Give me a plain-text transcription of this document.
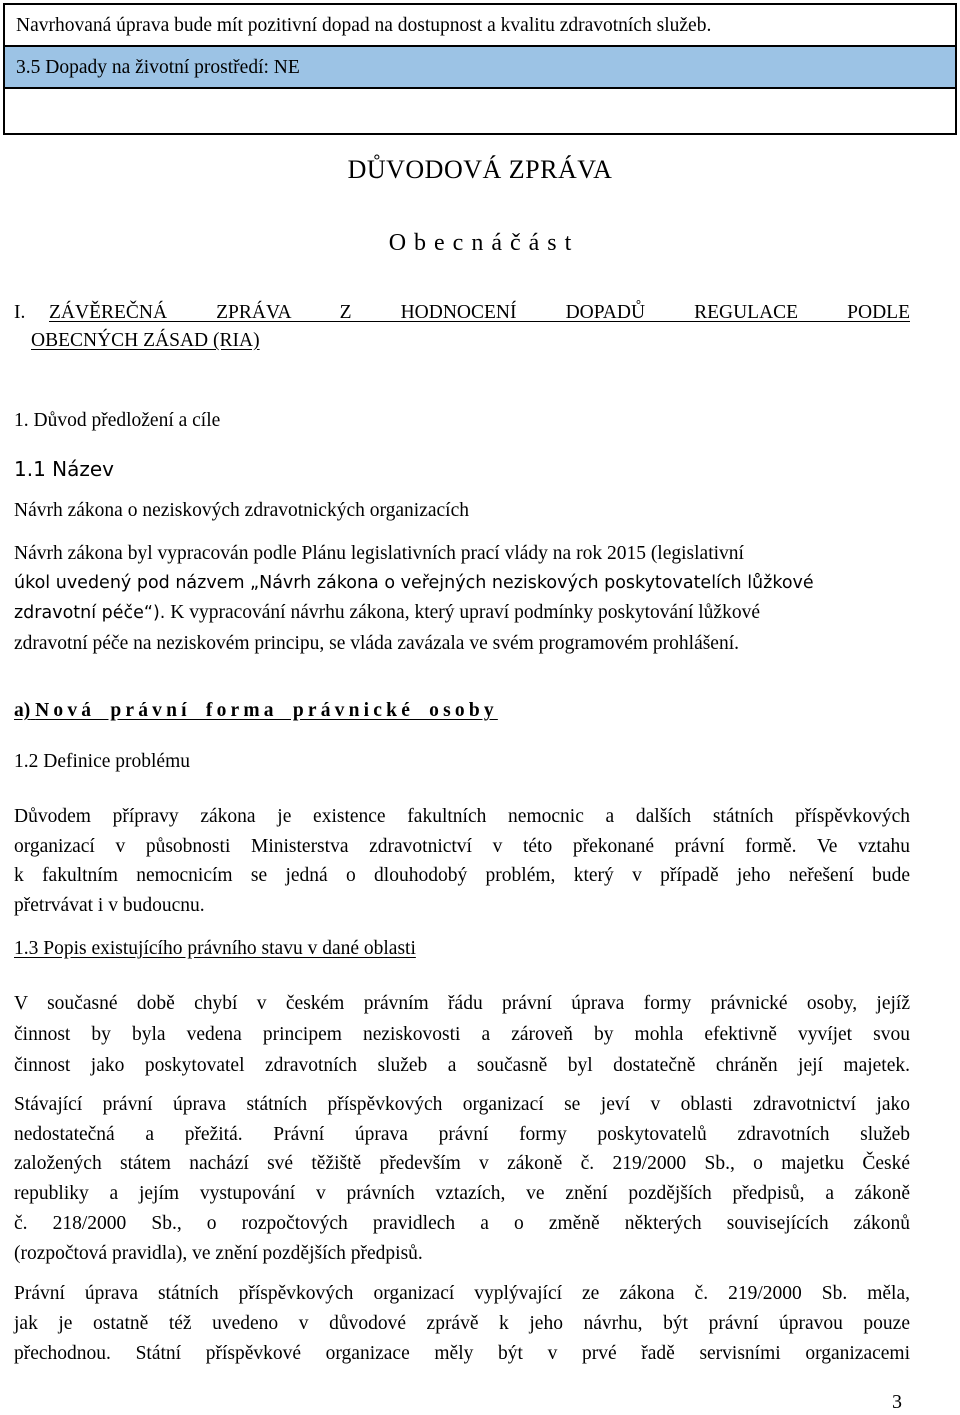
Navrhovaná úprava bude mít pozitivní dopad na dostupnost a kvalitu zdravotních služeb.
3.5 Dopady na životní prostředí: NE
DŮVODOVÁ ZPRÁVA
O b e c n á č á s t
I.	ZÁVĚREČNÁ ZPRÁVA Z HODNOCENÍ DOPADŮ REGULACE PODLE
OBECNÝCH ZÁSAD (RIA)
1. Důvod předložení a cíle
1.1 Název
Návrh zákona o neziskových zdravotnických organizacích

Návrh zákona byl vypracován podle Plánu legislativních prací vlády na rok 2015 (legislativní
úkol uvedený pod názvem „Návrh zákona o veřejných neziskových poskytovatelích lůžkové
zdravotní péče“). K vypracování návrhu zákona, který upraví podmínky poskytování lůžkové
zdravotní péče na neziskovém principu, se vláda zavázala ve svém programovém prohlášení.

a) Nová právní forma právnické osoby
1.2 Definice problému

Důvodem přípravy zákona je existence fakultních nemocnic a dalších státních příspěvkových
organizací v působnosti Ministerstva zdravotnictví v této překonané právní formě. Ve vztahu
k fakultním nemocnicím se jedná o dlouhodobý problém, který v případě jeho neřešení bude
přetrvávat i v budoucnu.

1.3 Popis existujícího právního stavu v dané oblasti

V současné době chybí v českém právním řádu právní úprava formy právnické osoby, jejíž
činnost by byla vedena principem neziskovosti a zároveň by mohla efektivně vyvíjet svou
činnost jako poskytovatel zdravotních služeb a současně byl dostatečně chráněn její majetek.

Stávající právní úprava státních příspěvkových organizací se jeví v oblasti zdravotnictví jako
nedostatečná a přežitá. Právní úprava právní formy poskytovatelů zdravotních služeb
založených státem nachází své těžiště především v zákoně č. 219/2000 Sb., o majetku České
republiky a jejím vystupování v právních vztazích, ve znění pozdějších předpisů, a zákoně
č. 218/2000 Sb., o rozpočtových pravidlech a o změně některých souvisejících zákonů
(rozpočtová pravidla), ve znění pozdějších předpisů.

Právní úprava státních příspěvkových organizací vyplývající ze zákona č. 219/2000 Sb. měla,
jak je ostatně též uvedeno v důvodové zprávě k jeho návrhu, být právní úpravou pouze
přechodnou. Státní příspěvkové organizace měly být v prvé řadě servisními organizacemi

3
